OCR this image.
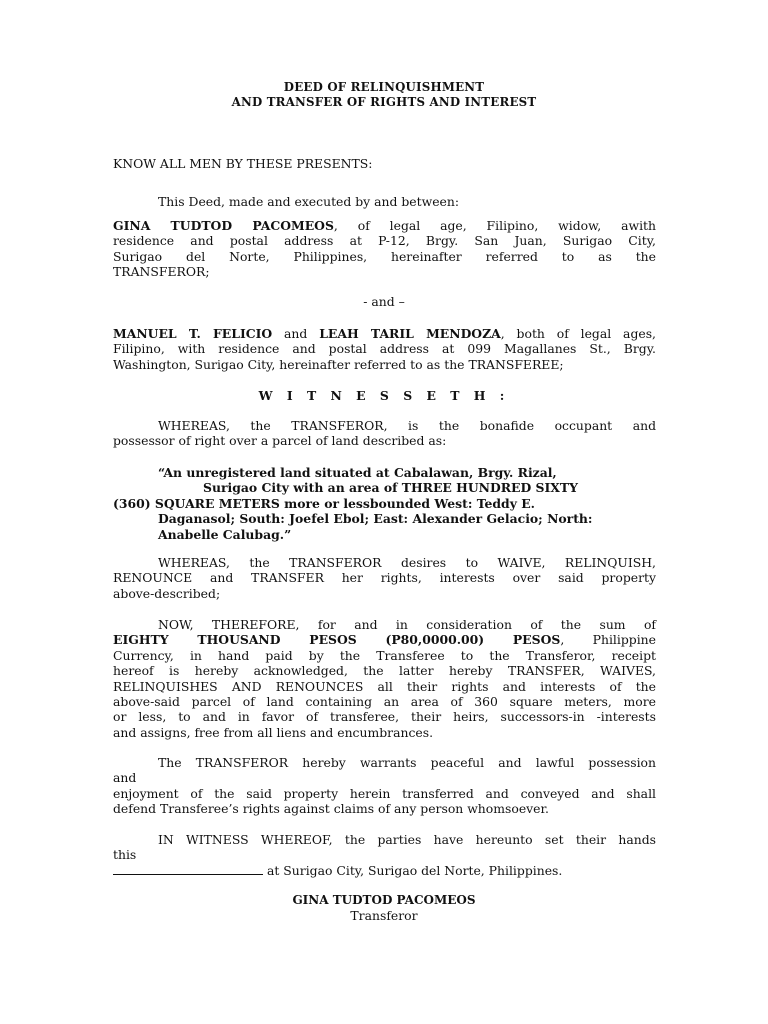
DEED OF RELINQUISHMENT
AND TRANSFER OF RIGHTS AND INTEREST
KNOW ALL MEN BY THESE PRESENTS:
This Deed, made and executed by and between:
GINA TUDTOD PACOMEOS, of legal age, Filipino, widow, awith
residence and postal address at P-12, Brgy. San Juan, Surigao City,
Surigao del Norte, Philippines, hereinafter referred to as the
TRANSFEROR;
- and –
MANUEL T. FELICIO and LEAH TARIL MENDOZA, both of legal ages,
Filipino, with residence and postal address at 099 Magallanes St., Brgy.
Washington, Surigao City, hereinafter referred to as the TRANSFEREE;
W I T N E S S E T H :
WHEREAS, the TRANSFEROR, is the bonafide occupant and
possessor of right over a parcel of land described as:
“An unregistered land situated at Cabalawan, Brgy. Rizal,
Surigao City with an area of THREE HUNDRED SIXTY
(360) SQUARE METERS more or lessbounded West: Teddy E.
Daganasol; South: Joefel Ebol; East: Alexander Gelacio; North:
Anabelle Calubag.”
WHEREAS, the TRANSFEROR desires to WAIVE, RELINQUISH,
RENOUNCE and TRANSFER her rights, interests over said property
above-described;
NOW, THEREFORE, for and in consideration of the sum of
EIGHTY THOUSAND PESOS (P80,0000.00) PESOS, Philippine
Currency, in hand paid by the Transferee to the Transferor, receipt
hereof is hereby acknowledged, the latter hereby TRANSFER, WAIVES,
RELINQUISHES AND RENOUNCES all their rights and interests of the
above-said parcel of land containing an area of 360 square meters, more
or less, to and in favor of transferee, their heirs, successors-in -interests
and assigns, free from all liens and encumbrances.
The TRANSFEROR hereby warrants peaceful and lawful possession
and
enjoyment of the said property herein transferred and conveyed and shall
defend Transferee’s rights against claims of any person whomsoever.
IN WITNESS WHEREOF, the parties have hereunto set their hands
this
at Surigao City, Surigao del Norte, Philippines.
GINA TUDTOD PACOMEOS
Transferor
